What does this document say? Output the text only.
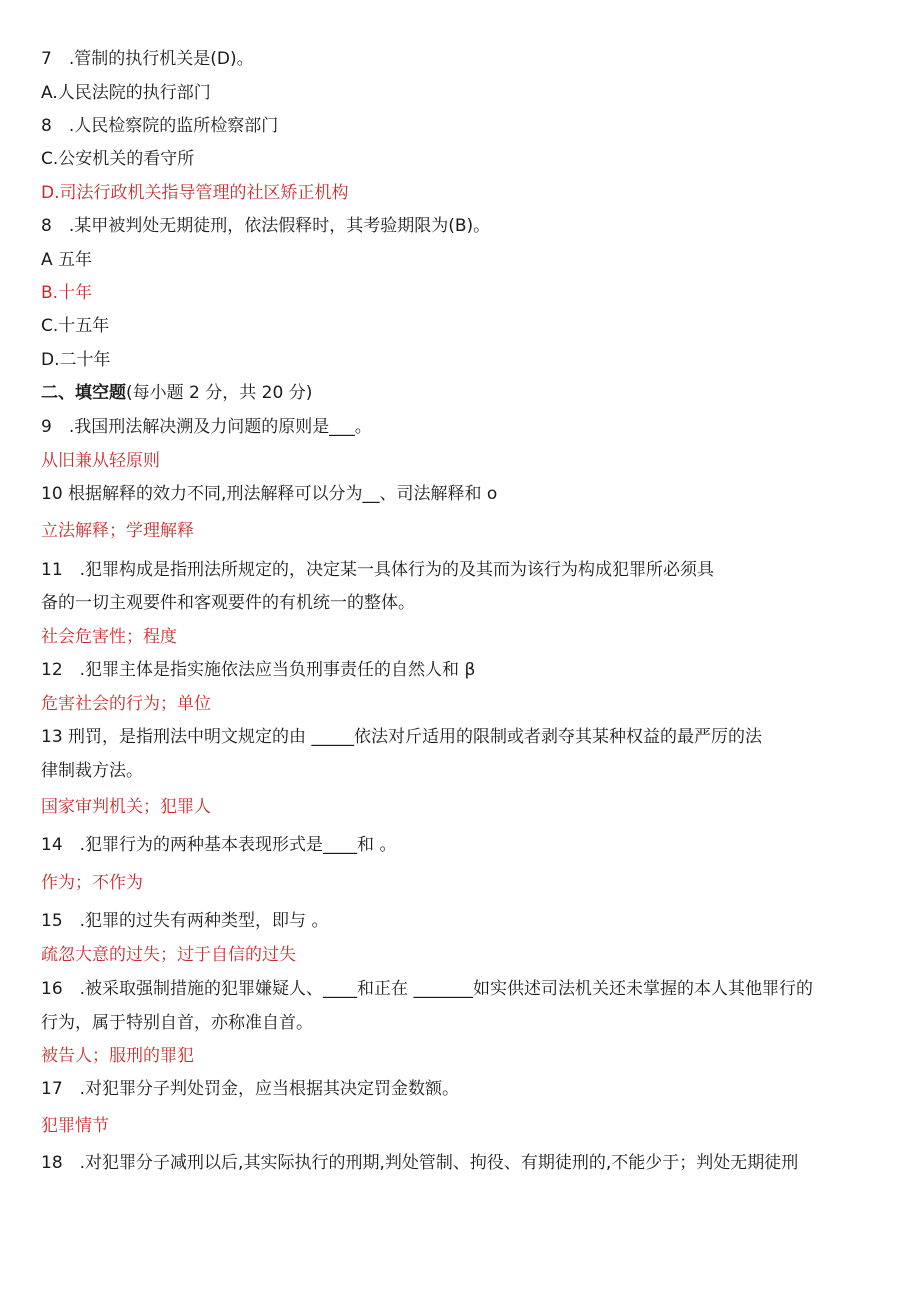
7　.管制的执行机关是(D)。

A.人民法院的执行部门

8　.人民检察院的监所检察部门

C.公安机关的看守所

D.司法行政机关指导管理的社区矫正机构

8　.某甲被判处无期徒刑，依法假释时，其考验期限为(B)。

A 五年

B.十年

C.十五年

D.二十年

二、填空题(每小题 2 分，共 20 分)

9　.我国刑法解决溯及力问题的原则是___。

从旧兼从轻原则

10 根据解释的效力不同,刑法解释可以分为__、司法解释和 o

立法解释；学理解释

11　.犯罪构成是指刑法所规定的，决定某一具体行为的及其而为该行为构成犯罪所必须具

备的一切主观要件和客观要件的有机统一的整体。

社会危害性；程度

12　.犯罪主体是指实施依法应当负刑事责任的自然人和 β

危害社会的行为；单位

13 刑罚，是指刑法中明文规定的由 _____依法对斤适用的限制或者剥夺其某种权益的最严厉的法

律制裁方法。

国家审判机关；犯罪人

14　.犯罪行为的两种基本表现形式是____和 。

作为；不作为

15　.犯罪的过失有两种类型，即与 。

疏忽大意的过失；过于自信的过失

16　.被采取强制措施的犯罪嫌疑人、____和正在 _______如实供述司法机关还未掌握的本人其他罪行的

行为，属于特别自首，亦称准自首。

被告人；服刑的罪犯

17　.对犯罪分子判处罚金，应当根据其决定罚金数额。

犯罪情节

18　.对犯罪分子减刑以后,其实际执行的刑期,判处管制、拘役、有期徒刑的,不能少于；判处无期徒刑
